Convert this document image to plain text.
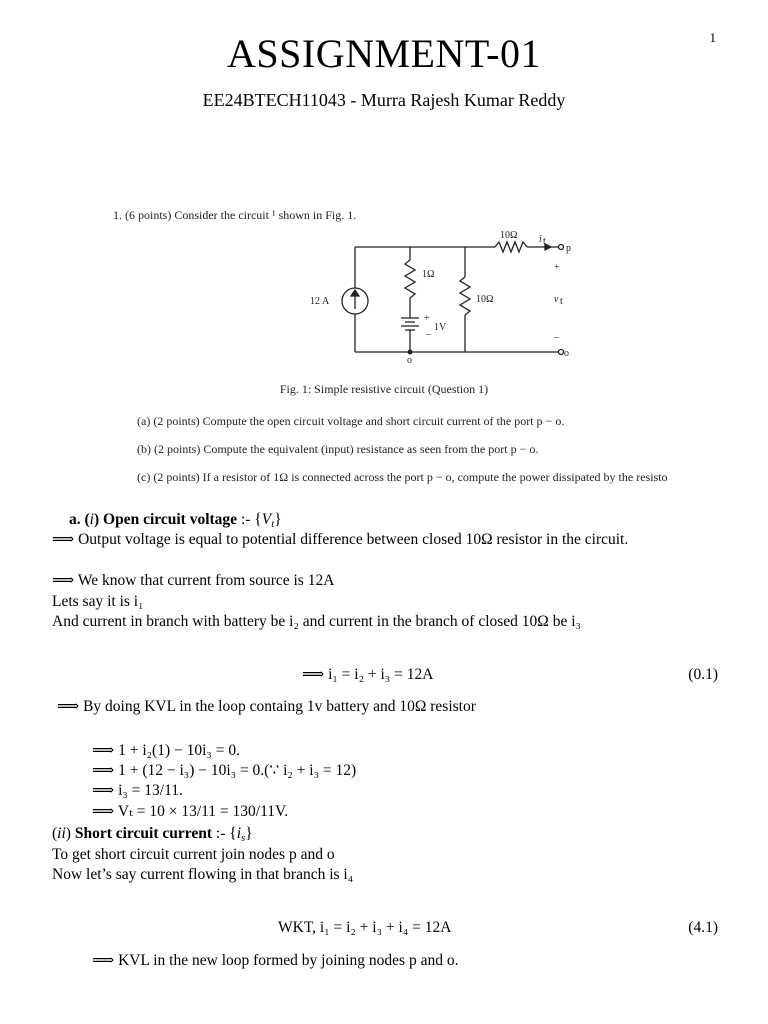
1
ASSIGNMENT-01
EE24BTECH11043 - Murra Rajesh Kumar Reddy
1. (6 points) Consider the circuit ¹ shown in Fig. 1.
12 A
10Ω i t
p
+
1Ω
10Ω	v t
+
−
1V
−
o
o
Fig. 1: Simple resistive circuit (Question 1)
(a) (2 points) Compute the open circuit voltage and short circuit current of the port p − o.
(b) (2 points) Compute the equivalent (input) resistance as seen from the port p − o.
(c) (2 points) If a resistor of 1Ω is connected across the port p − o, compute the power dissipated by the resisto
a. (i) Open circuit voltage :- $\{V_t\}$
⟹ Output voltage is equal to potential difference between closed 10Ω resistor in the circuit.
⟹ We know that current from source is 12A
Lets say it is i₁
And current in branch with battery be i₂ and current in the branch of closed 10Ω be i₃
⟹ i₁ = i₂ + i₃ = 12A	(0.1)
⟹ By doing KVL in the loop containg 1v battery and 10Ω resistor
⟹ 1 + i₂(1) − 10i₃ = 0.
⟹ 1 + (12 − i₃) − 10i₃ = 0.(∵ i₂ + i₃ = 12)
⟹ i₃ = 13/11.
⟹ Vₜ = 10 × 13/11 = 130/11V.
(ii) Short circuit current :- $\{i_s\}$
To get short circuit current join nodes p and o
Now let’s say current flowing in that branch is i₄
WKT, i₁ = i₂ + i₃ + i₄ = 12A	(4.1)
⟹ KVL in the new loop formed by joining nodes p and o.
